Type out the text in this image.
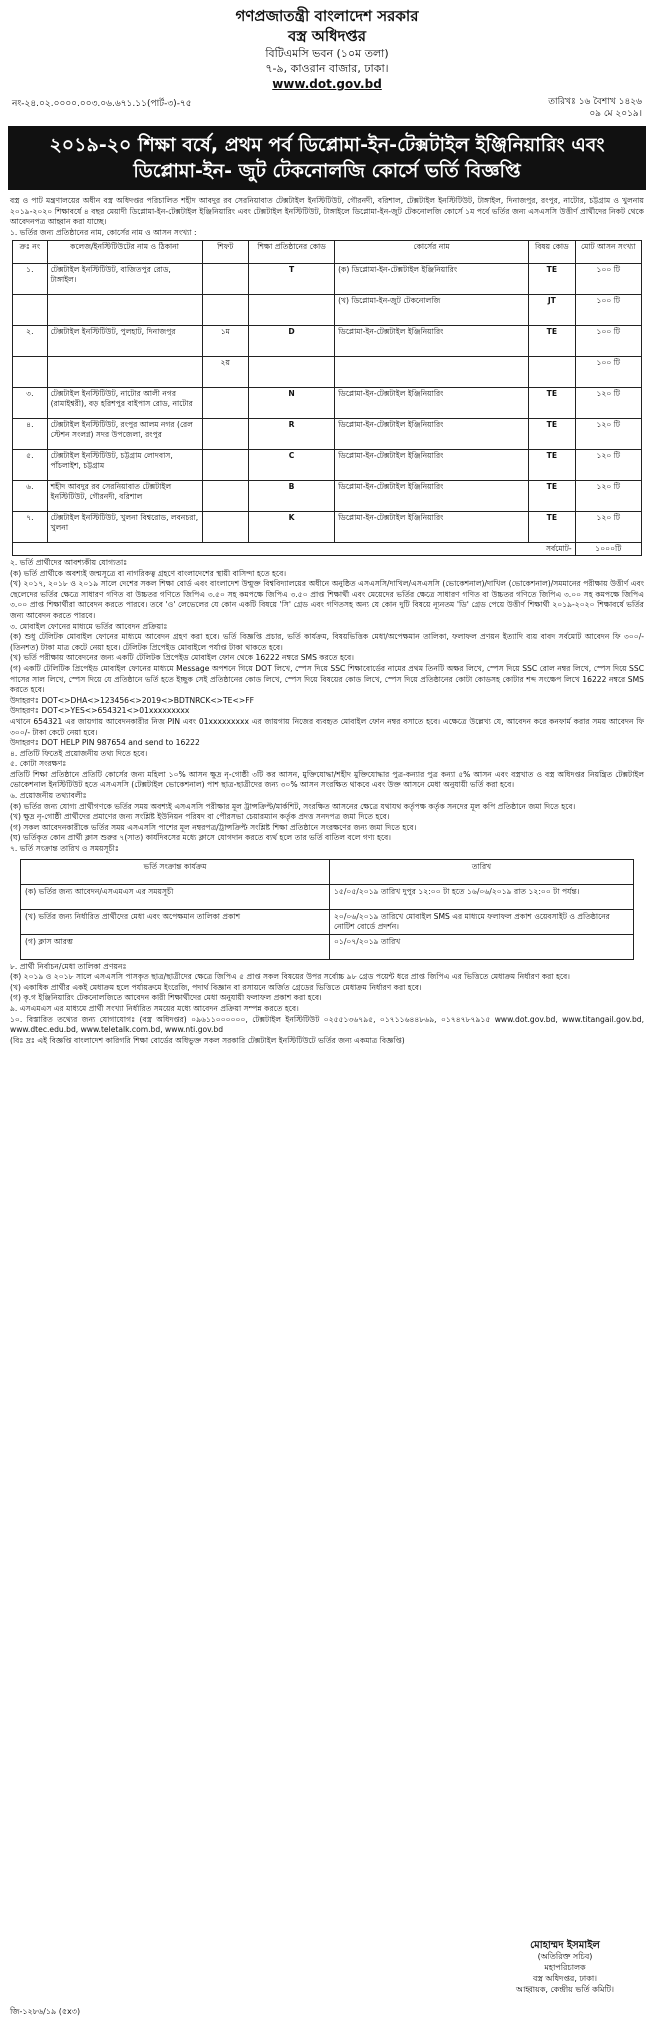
গণপ্রজাতন্ত্রী বাংলাদেশ সরকার
বস্ত্র অধিদপ্তর
বিটিএমসি ভবন (১০ম তলা)
৭-৯, কাওরান বাজার, ঢাকা।
www.dot.gov.bd
নং-২৪.০২.০০০০.০০৩.০৬.৬৭১.১১(পার্ট-৩)-৭৫	তারিখঃ ১৬ বৈশাখ ১৪২৬
০৯ মে ২০১৯।
২০১৯-২০ শিক্ষা বর্ষে, প্রথম পর্ব ডিপ্লোমা-ইন-টেক্সটাইল ইঞ্জিনিয়ারিং এবং ডিপ্লোমা-ইন- জুট টেকনোলজি কোর্সে ভর্তি বিজ্ঞপ্তি
বস্ত্র ও পাট মন্ত্রণালয়ের অধীন বস্ত্র অধিদপ্তর পরিচালিত শহীদ আবদুর রব সেরনিয়াবাত টেক্সটাইল ইনস্টিটিউট, গৌরনদী, বরিশাল, টেক্সটাইল ইনস্টিটিউট, টাঙ্গাইল, দিনাজপুর, রংপুর, নাটোর, চট্টগ্রাম ও খুলনায় ২০১৯-২০২০ শিক্ষাবর্ষে ৪ বছর মেয়াদী ডিপ্লোমা-ইন-টেক্সটাইল ইঞ্জিনিয়ারিং এবং টেক্সটাইল ইনস্টিটিউট, টাঙ্গাইলে ডিপ্লোমা-ইন-জুট টেকনোলজি কোর্সে ১ম পর্বে ভর্তির জন্য এসএসসি উত্তীর্ণ প্রার্থীদের নিকট থেকে আবেদনপত্র আহ্বান করা যাচ্ছে।
১. ভর্তির জন্য প্রতিষ্ঠানের নাম, কোর্সের নাম ও আসন সংখ্যা :
ক্রঃ নং	কলেজ/ইনস্টিটিউটের নাম ও ঠিকানা	শিফট	শিক্ষা প্রতিষ্ঠানের কোড	কোর্সের নাম	বিষয় কোড	মোট আসন সংখ্যা
১.	টেক্সটাইল ইনস্টিটিউট, বাজিতপুর রোড, টাঙ্গাইল।		T	(ক) ডিপ্লোমা-ইন-টেক্সটাইল ইঞ্জিনিয়ারিং	TE	১০০ টি
				(খ) ডিপ্লোমা-ইন-জুট টেকনোলজি	JT	১০০ টি
২.	টেক্সটাইল ইনস্টিটিউট, পুলহাট, দিনাজপুর	১ম	D	ডিপ্লোমা-ইন-টেক্সটাইল ইঞ্জিনিয়ারিং	TE	১০০ টি
		২য়				১০০ টি
৩.	টেক্সটাইল ইনস্টিটিউট, নাটোর আলী নগর (রামাইশ্বরী), বড় হরিশপুর বাইপাস রোড, নাটোর		N	ডিপ্লোমা-ইন-টেক্সটাইল ইঞ্জিনিয়ারিং	TE	১২০ টি
৪.	টেক্সটাইল ইনস্টিটিউট, রংপুর আলম নগর (রেল স্টেশন সংলগ্ন) সদর উপজেলা, রংপুর		R	ডিপ্লোমা-ইন-টেক্সটাইল ইঞ্জিনিয়ারিং	TE	১২০ টি
৫.	টেক্সটাইল ইনস্টিটিউট, চট্টগ্রাম লোদবাস, পাঁচলাইশ, চট্টগ্রাম		C	ডিপ্লোমা-ইন-টেক্সটাইল ইঞ্জিনিয়ারিং	TE	১২০ টি
৬.	শহীদ আবদুর রব সেরনিয়াবাত টেক্সটাইল ইনস্টিটিউট, গৌরনদী, বরিশাল		B	ডিপ্লোমা-ইন-টেক্সটাইল ইঞ্জিনিয়ারিং	TE	১২০ টি
৭.	টেক্সটাইল ইনস্টিটিউট, খুলনা বিশ্বরোড, লবনচরা, খুলনা		K	ডিপ্লোমা-ইন-টেক্সটাইল ইঞ্জিনিয়ারিং	TE	১২০ টি
সর্বমোট-						১০০০টি

২. ভর্তি প্রার্থীদের আবশ্যকীয় যোগ্যতাঃ

(ক) ভর্তি প্রার্থীকে অবশ্যই জন্মসূত্রে বা নাগরিকত্ব গ্রহণে বাংলাদেশের স্থায়ী বাসিন্দা হতে হবে।

(খ) ২০১৭, ২০১৮ ও ২০১৯ সালে দেশের সকল শিক্ষা বোর্ড এবং বাংলাদেশ উন্মুক্ত বিশ্ববিদ্যালয়ের অধীনে অনুষ্ঠিত এসএসসি/দাখিল/এসএসসি (ভোকেশনাল)/দাখিল (ভোকেশনাল)/সমমানের পরীক্ষায় উত্তীর্ণ এবং ছেলেদের ভর্তির ক্ষেত্রে সাধারণ গণিত বা উচ্চতর গণিতে জিপিএ ৩.৫০ সহ কমপক্ষে জিপিএ ৩.৫০ প্রাপ্ত শিক্ষার্থী এবং মেয়েদের ভর্তির ক্ষেত্রে সাধারণ গণিত বা উচ্চতর গণিতে জিপিএ ৩.০০ সহ কমপক্ষে জিপিএ ৩.০০ প্রাপ্ত শিক্ষার্থীরা আবেদন করতে পারবে। তবে 'ও' লেভেলের যে কোন একটি বিষয়ে 'সি' গ্রেড এবং গণিতসহ অন্য যে কোন দুটি বিষয়ে ন্যূনতম 'ডি' গ্রেড পেয়ে উত্তীর্ণ শিক্ষার্থী ২০১৯-২০২০ শিক্ষাবর্ষে ভর্তির জন্য আবেদন করতে পারবে।

৩. মোবাইল ফোনের মাধ্যমে ভর্তির আবেদন প্রক্রিয়াঃ

(ক) শুধু টেলিটক মোবাইল ফোনের মাধ্যমে আবেদন গ্রহণ করা হবে। ভর্তি বিজ্ঞপ্তি প্রচার, ভর্তি কার্যক্রম, বিষয়ভিত্তিক মেধা/অপেক্ষমান তালিকা, ফলাফল প্রণয়ন ইত্যাদি ব্যয় বাবদ সর্বমোট আবেদন ফি ৩০০/- (তিনশত) টাকা মাত্র কেটে নেয়া হবে। টেলিটক প্রিপেইড মোবাইলে পর্যাপ্ত টাকা থাকতে হবে।

(খ) ভর্তি পরীক্ষায় আবেদনের জন্য একটি টেলিটক প্রিপেইড মোবাইল ফোন থেকে 16222 নম্বরে SMS করতে হবে।

(গ) একটি টেলিটিক প্রিপেইড মোবাইল ফোনের মাধ্যমে Message অপশনে গিয়ে DOT লিখে, স্পেস দিয়ে SSC শিক্ষাবোর্ডের নামের প্রথম তিনটি অক্ষর লিখে, স্পেস দিয়ে SSC রোল নম্বর লিখে, স্পেস দিয়ে SSC পাসের সাল লিখে, স্পেস দিয়ে যে প্রতিষ্ঠানে ভর্তি হতে ইচ্ছুক সেই প্রতিষ্ঠানের কোড লিখে, স্পেস দিয়ে বিষয়ের কোড লিখে, স্পেস দিয়ে প্রতিষ্ঠানের কোটা কোডসহ কোটার শব্দ সংক্ষেপ লিখে 16222 নম্বরে SMS করতে হবে।

উদাহরণঃ DOT<>DHA<>123456<>2019<>BDTNRCK<>TE<>FF

উদাহরণঃ DOT<>YES<>654321<>01xxxxxxxxx

এখানে 654321 এর জায়গায় আবেদনকারীর নিজ PIN এবং 01xxxxxxxxx এর জায়গায় নিজের ব্যবহৃত মোবাইল ফোন নম্বর বসাতে হবে। এক্ষেত্রে উল্লেখ্য যে, আবেদন করে কনফার্ম করার সময় আবেদন ফি ৩০০/- টাকা কেটে নেয়া হবে।

উদাহরণঃ DOT HELP PIN 987654 and send to 16222

৪. প্রতিটি ফিতেই প্রয়োজনীয় তথ্য দিতে হবে।

৫. কোটা সংরক্ষণঃ

প্রতিটি শিক্ষা প্রতিষ্ঠানে প্রতিটি কোর্সের জন্য মহিলা ১০% আসন ক্ষুদ্র নৃ-গোষ্ঠী ৩টি কর আসন, মুক্তিযোদ্ধা/শহীদ মুক্তিযোদ্ধার পুত্র-কন্যার পুত্র কন্যা ৫% আসন এবং বস্ত্রখাত ও বস্ত্র অধিদপ্তর নিয়ন্ত্রিত টেক্সটাইল ভোকেশনাল ইনস্টিটিউট হতে এসএসসি (টেক্সটাইল ভোকেশনাল) পাশ ছাত্র-ছাত্রীদের জন্য ৩০% আসন সংরক্ষিত থাকবে এবং উক্ত আসনে মেধা অনুযায়ী ভর্তি করা হবে।

৬. প্রয়োজনীয় তথ্যাবলীঃ

(ক) ভর্তির জন্য যোগ্য প্রার্থীগণকে ভর্তির সময় অবশ্যই এসএসসি পরীক্ষার মূল ট্রান্সক্রিপ্ট/মার্কশিট, সংরক্ষিত আসনের ক্ষেত্রে যথাযথ কর্তৃপক্ষ কর্তৃক সনদের মূল কপি প্রতিষ্ঠানে জমা দিতে হবে।

(খ) ক্ষুদ্র নৃ-গোষ্ঠী প্রার্থীদের প্রমাণের জন্য সংশ্লিষ্ট ইউনিয়ন পরিষদ বা পৌরসভা চেয়ারম্যান কর্তৃক প্রদত্ত সনদপত্র জমা দিতে হবে।

(গ) সকল আবেদনকারীকে ভর্তির সময় এসএসসি পাশের মূল নম্বরপত্র/ট্রান্সক্রিপ্ট সংশ্লিষ্ট শিক্ষা প্রতিষ্ঠানে সংরক্ষণের জন্য জমা দিতে হবে।

(ঘ) ভর্তিকৃত কোন প্রার্থী ক্লাস শুরুর ৭(সাত) কার্যদিবসের মধ্যে ক্লাসে যোগদান করতে ব্যর্থ হলে তার ভর্তি বাতিল বলে গণ্য হবে।

৭. ভর্তি সংক্রান্ত তারিখ ও সময়সূচীঃ

ভর্তি সংক্রান্ত কার্যক্রম	তারিখ
(ক) ভর্তির জন্য আবেদন/এসএমএস এর সময়সূচী	১৫/০৫/২০১৯ তারিখ দুপুর ১২:০০ টা হতে ১৬/০৬/২০১৯ রাত ১২:০০ টা পর্যন্ত।
(খ) ভর্তির জন্য নির্ধারিত প্রার্থীদের মেধা এবং অপেক্ষমান তালিকা প্রকাশ	২০/০৬/২০১৯ তারিখে মোবাইল SMS এর মাধ্যমে ফলাফল প্রকাশ ওয়েবসাইট ও প্রতিষ্ঠানের নোটিশ বোর্ডে প্রদর্শন।
(গ) ক্লাস আরম্ভ	০১/০৭/২০১৯ তারিখ

৮. প্রার্থী নির্বাচন/মেধা তালিকা প্রণয়নঃ

(ক) ২০১৯ ও ২০১৮ সালে এসএসসি পাসকৃত ছাত্র/ছাত্রীদের ক্ষেত্রে জিপিএ ৫ প্রাপ্ত সকল বিষয়ের উপর সর্বোচ্চ ৯৮ গ্রেড পয়েন্ট ধরে প্রাপ্ত জিপিএ এর ভিত্তিতে মেধাক্রম নির্ধারণ করা হবে।

(খ) একাধিক প্রার্থীর একই মেধাক্রম হলে পর্যায়ক্রমে ইংরেজি, পদার্থ বিজ্ঞান বা রসায়নে অর্জিত গ্রেডের ভিত্তিতে মেধাক্রম নির্ধারণ করা হবে।

(গ) কৃ.গ ইঞ্জিনিয়ারিং টেকনোলজিতে আবেদন কারী শিক্ষার্থীদের মেধা অনুযায়ী ফলাফল প্রকাশ করা হবে।

৯. এসএমএস এর মাধ্যমে প্রার্থী সংখ্যা নির্ধারিত সময়ের মধ্যে আবেদন প্রক্রিয়া সম্পন্ন করতে হবে।

১০. বিস্তারিত তথ্যের জন্য যোগাযোগঃ (বস্ত্র অধিদপ্তর) ০৯৬১১০০০০০০, টেক্সটাইল ইনস্টিটিউট ০২৫৫১৩৬৭৯৫, ০১৭১১৬৪৪৮৬৯, ০১৭৪৭৮৭৯১৫ www.dot.gov.bd, www.titangail.gov.bd, www.dtec.edu.bd, www.teletalk.com.bd, www.nti.gov.bd

(বিঃ দ্রঃ এই বিজ্ঞপ্তি বাংলাদেশ কারিগরি শিক্ষা বোর্ডের অধিভুক্ত সকল সরকারি টেক্সটাইল ইনস্টিটিউটে ভর্তির জন্য একমাত্র বিজ্ঞপ্তি)

মোহাম্মদ ইসমাইল
(অতিরিক্ত সচিব)
মহাপরিচালক
বস্ত্র অধিদপ্তর, ঢাকা।
আহ্বায়ক, কেন্দ্রীয় ভর্তি কমিটি।
জি-১২৮৬/১৯ (৫x৩)
